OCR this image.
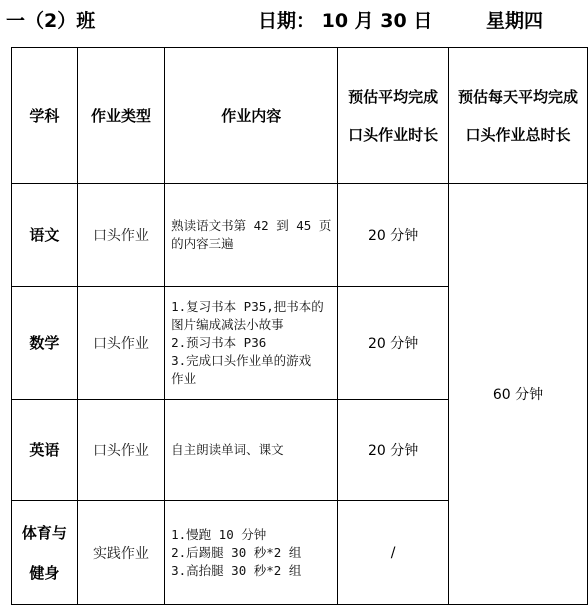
一（2）班	日期： 10 月 30 日	星期四
学科	作业类型	作业内容	预估平均完成口头作业时长	预估每天平均完成口头作业总时长

语文	口头作业	熟读语文书第 42 到 45 页
的内容三遍	20 分钟	60 分钟
数学	口头作业	1.复习书本 P35,把书本的
图片编成减法小故事
2.预习书本 P36
3.完成口头作业单的游戏
作业	20 分钟	
英语	口头作业	自主朗读单词、课文	20 分钟	

体育与健身	实践作业	1.慢跑 10 分钟
2.后踢腿 30 秒*2 组
3.高抬腿 30 秒*2 组	/	
